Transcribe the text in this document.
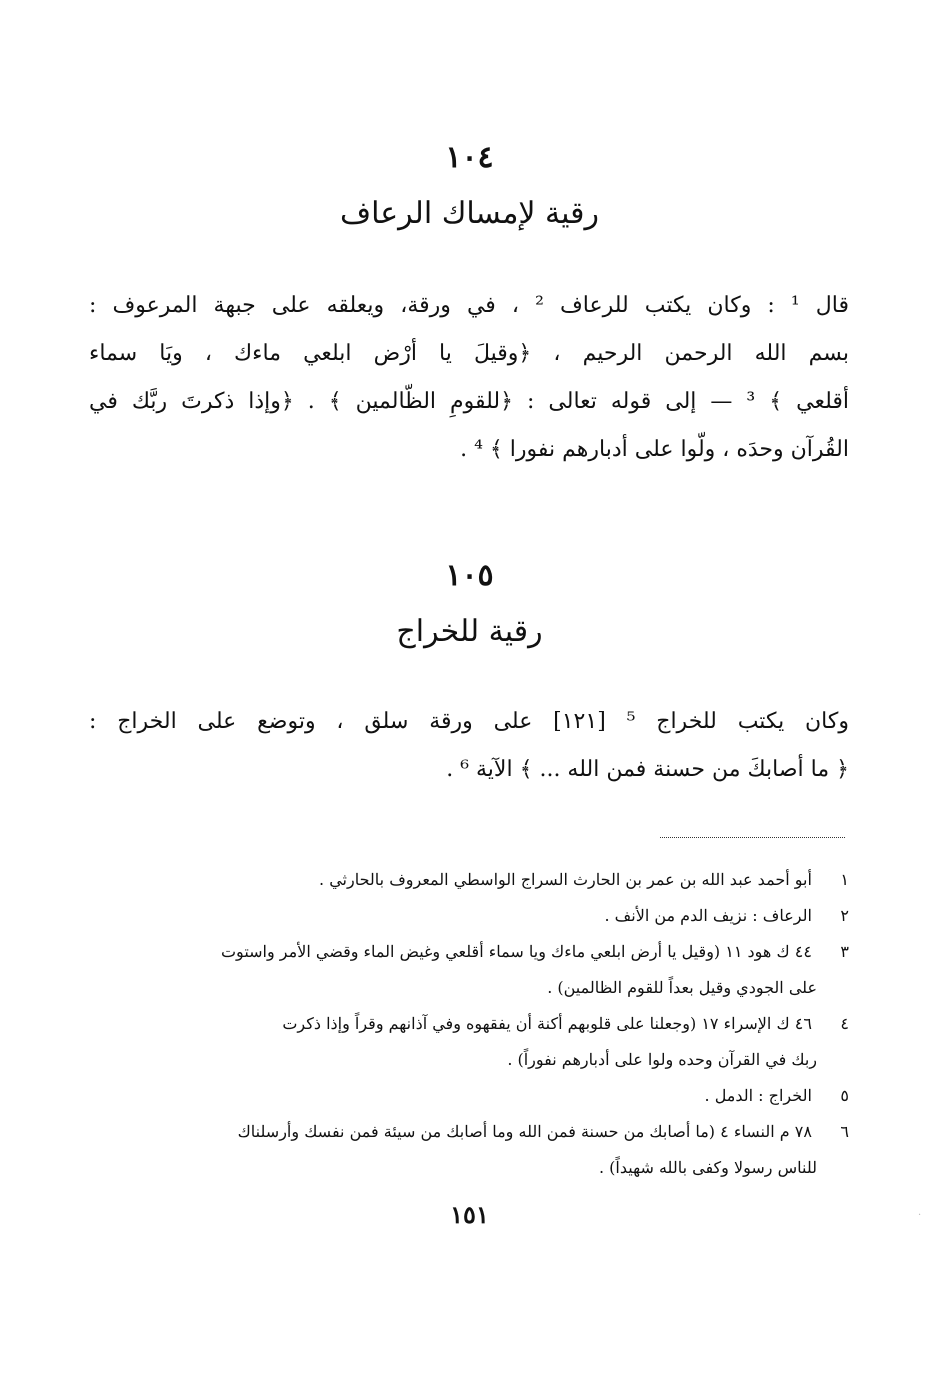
١٠٤
رقية لإمساك الرعاف
قال ¹ : وكان يكتب للرعاف ² ، في ورقة، ويعلقه على جبهة المرعوف :
بسم الله الرحمن الرحيم ، ﴿وقيلَ يا أرْض ابلعي ماءك ، ويَا سماء
أقلعي ﴾ ³ — إلى قوله تعالى : ﴿للقومِ الظّالمين ﴾ . ﴿وإذا ذكرتَ ربَّك في
القُرآن وحدَه ، ولّوا على أدبارهم نفورا ﴾ ⁴ .
١٠٥
رقية للخراج
وكان يكتب للخراج ⁵ [١٢١] على ورقة سلق ، وتوضع على الخراج :
﴿ ما أصابكَ من حسنة فمن الله ... ﴾ الآية ⁶ .
١ أبو أحمد عبد الله بن عمر بن الحارث السراج الواسطي المعروف بالحارثي .
٢ الرعاف : نزيف الدم من الأنف .
٣ ٤٤ ك هود ١١ (وقيل يا أرض ابلعي ماءك ويا سماء أقلعي وغيض الماء وقضي الأمر واستوت
على الجودي وقيل بعداً للقوم الظالمين) .
٤ ٤٦ ك الإسراء ١٧ (وجعلنا على قلوبهم أكنة أن يفقهوه وفي آذانهم وقراً وإذا ذكرت
ربك في القرآن وحده ولوا على أدبارهم نفوراً) .
٥ الخراج : الدمل .
٦ ٧٨ م النساء ٤ (ما أصابك من حسنة فمن الله وما أصابك من سيئة فمن نفسك وأرسلناك
للناس رسولا وكفى بالله شهيداً) .
١٥١	·
